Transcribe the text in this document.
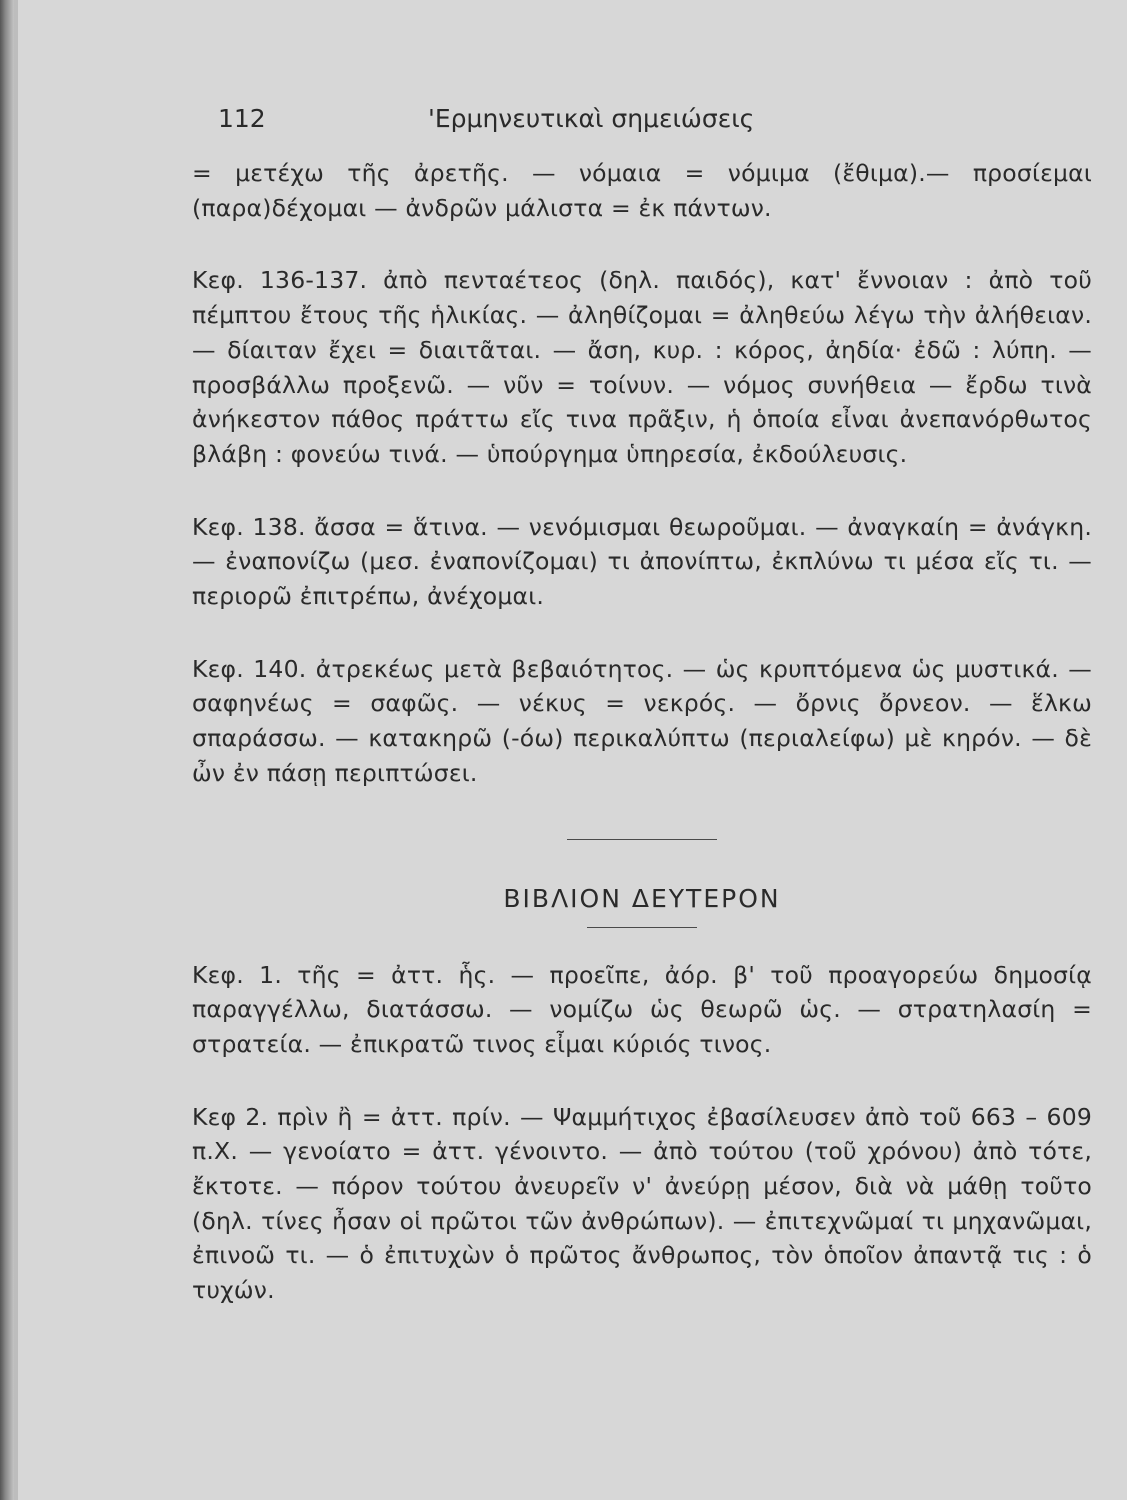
112	'Ερμηνευτικαὶ σημειώσεις

= μετέχω τῆς ἀρετῆς. — νόμαια = νόμιμα (ἔθιμα).— προσίεμαι (παρα)δέχομαι — ἀνδρῶν μάλιστα = ἐκ πάντων.

Κεφ. 136-137. ἀπὸ πενταέτεος (δηλ. παιδός), κατ' ἔννοιαν : ἀπὸ τοῦ πέμπτου ἔτους τῆς ἡλικίας. — ἀληθίζομαι = ἀληθεύω λέγω τὴν ἀλήθειαν. — δίαιταν ἔχει = διαιτᾶται. — ἄση, κυρ. : κόρος, ἀηδία· ἐδῶ : λύπη. — προσβάλλω προξενῶ. — νῦν = τοίνυν. — νόμος συνήθεια — ἔρδω τινὰ ἀνήκεστον πάθος πράττω εἴς τινα πρᾶξιν, ἡ ὁποία εἶναι ἀνεπανόρθωτος βλάβη : φονεύω τινά. — ὑπούργημα ὑπηρεσία, ἐκδούλευσις.

Κεφ. 138. ἄσσα = ἅτινα. — νενόμισμαι θεωροῦμαι. — ἀναγκαίη = ἀνάγκη. — ἐναπονίζω (μεσ. ἐναπονίζομαι) τι ἀπονίπτω, ἐκπλύνω τι μέσα εἴς τι. — περιορῶ ἐπιτρέπω, ἀνέχομαι.

Κεφ. 140. ἀτρεκέως μετὰ βεβαιότητος. — ὡς κρυπτόμενα ὡς μυστικά. — σαφηνέως = σαφῶς. — νέκυς = νεκρός. — ὄρνις ὄρνεον. — ἕλκω σπαράσσω. — κατακηρῶ (-όω) περικαλύπτω (περιαλείφω) μὲ κηρόν. — δὲ ὦν ἐν πάσῃ περιπτώσει.

ΒΙΒΛΙΟΝ ΔΕΥΤΕΡΟΝ

Κεφ. 1. τῆς = ἀττ. ἧς. — προεῖπε, ἀόρ. β' τοῦ προαγορεύω δημοσίᾳ παραγγέλλω, διατάσσω. — νομίζω ὡς θεωρῶ ὡς. — στρατηλασίη = στρατεία. — ἐπικρατῶ τινος εἶμαι κύριός τινος.

Κεφ 2. πρὶν ἢ = ἀττ. πρίν. — Ψαμμήτιχος ἐβασίλευσεν ἀπὸ τοῦ 663 – 609 π.Χ. — γενοίατο = ἀττ. γένοιντο. — ἀπὸ τούτου (τοῦ χρόνου) ἀπὸ τότε, ἔκτοτε. — πόρον τούτου ἀνευρεῖν ν' ἀνεύρῃ μέσον, διὰ νὰ μάθῃ τοῦτο (δηλ. τίνες ἦσαν οἱ πρῶτοι τῶν ἀνθρώπων). — ἐπιτεχνῶμαί τι μηχανῶμαι, ἐπινοῶ τι. — ὁ ἐπιτυχὼν ὁ πρῶτος ἄνθρωπος, τὸν ὁποῖον ἀπαντᾷ τις : ὁ τυχών.
